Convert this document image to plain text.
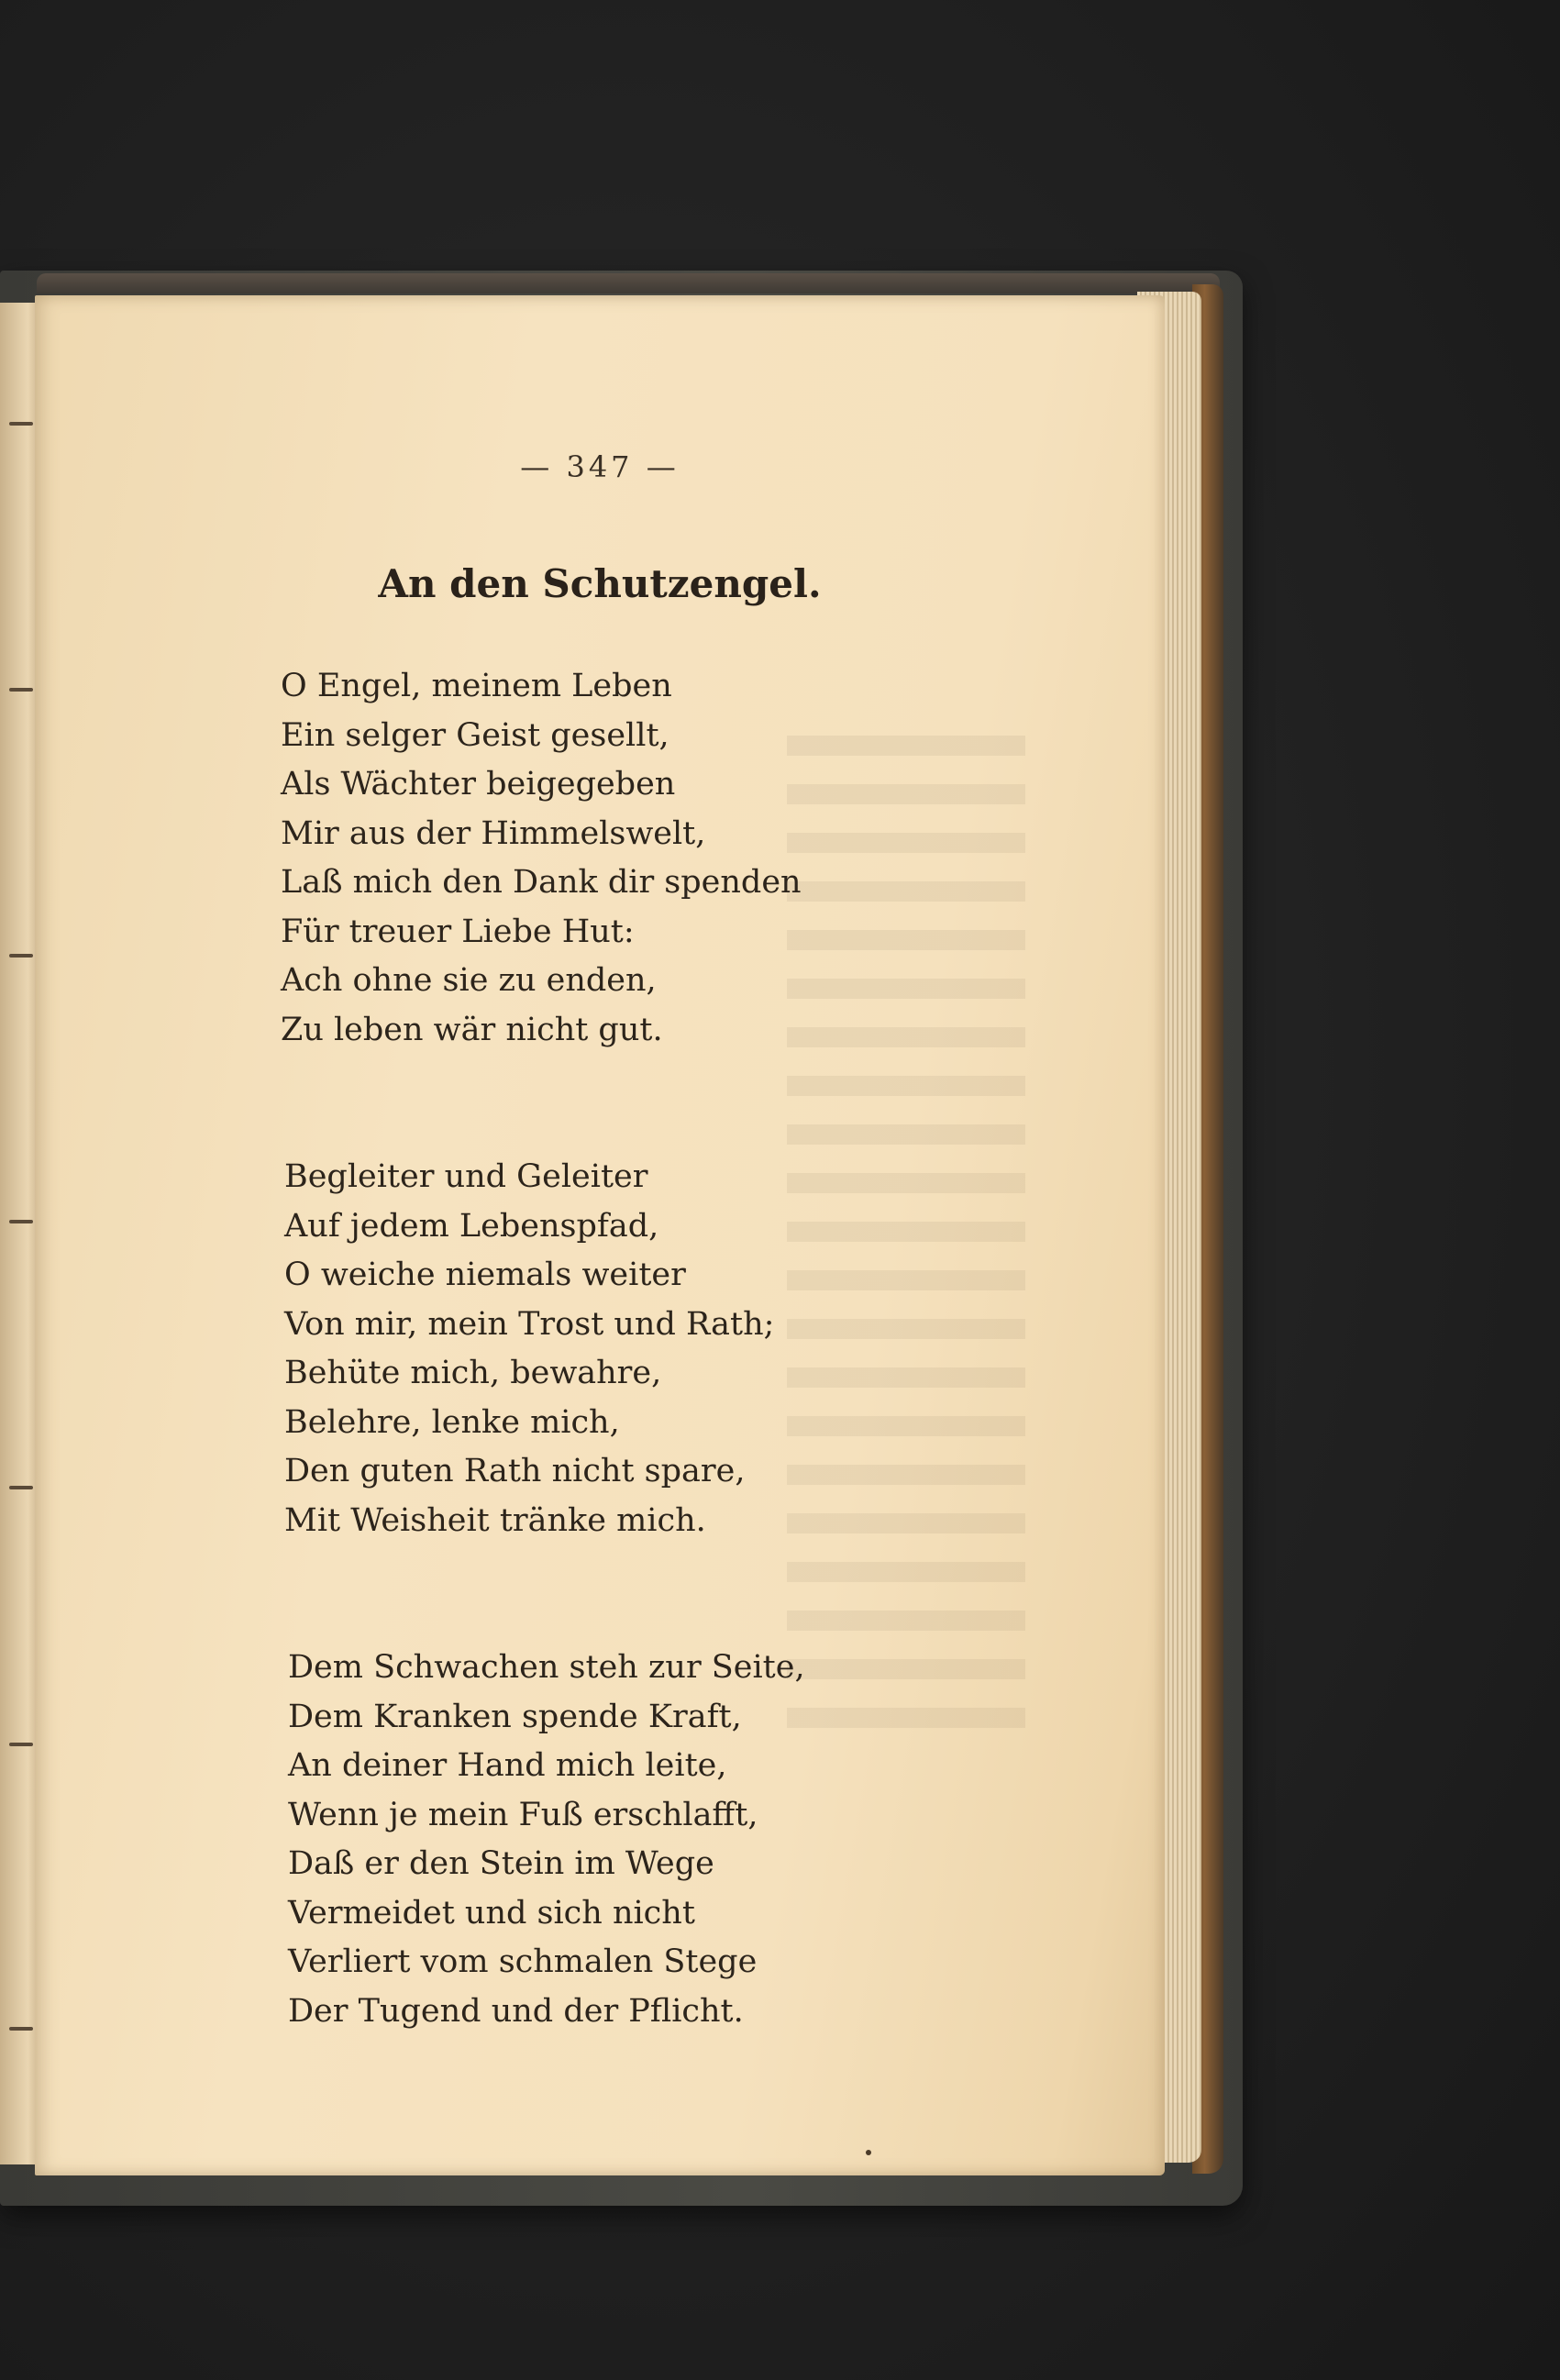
— 347 —
An den Schutzengel.
O Engel, meinem Leben
Ein selger Geist gesellt,
Als Wächter beigegeben
Mir aus der Himmelswelt,
Laß mich den Dank dir spenden
Für treuer Liebe Hut:
Ach ohne sie zu enden,
Zu leben wär nicht gut.
Begleiter und Geleiter
Auf jedem Lebenspfad,
O weiche niemals weiter
Von mir, mein Trost und Rath;
Behüte mich, bewahre,
Belehre, lenke mich,
Den guten Rath nicht spare,
Mit Weisheit tränke mich.
Dem Schwachen steh zur Seite,
Dem Kranken spende Kraft,
An deiner Hand mich leite,
Wenn je mein Fuß erschlafft,
Daß er den Stein im Wege
Vermeidet und sich nicht
Verliert vom schmalen Stege
Der Tugend und der Pflicht.
